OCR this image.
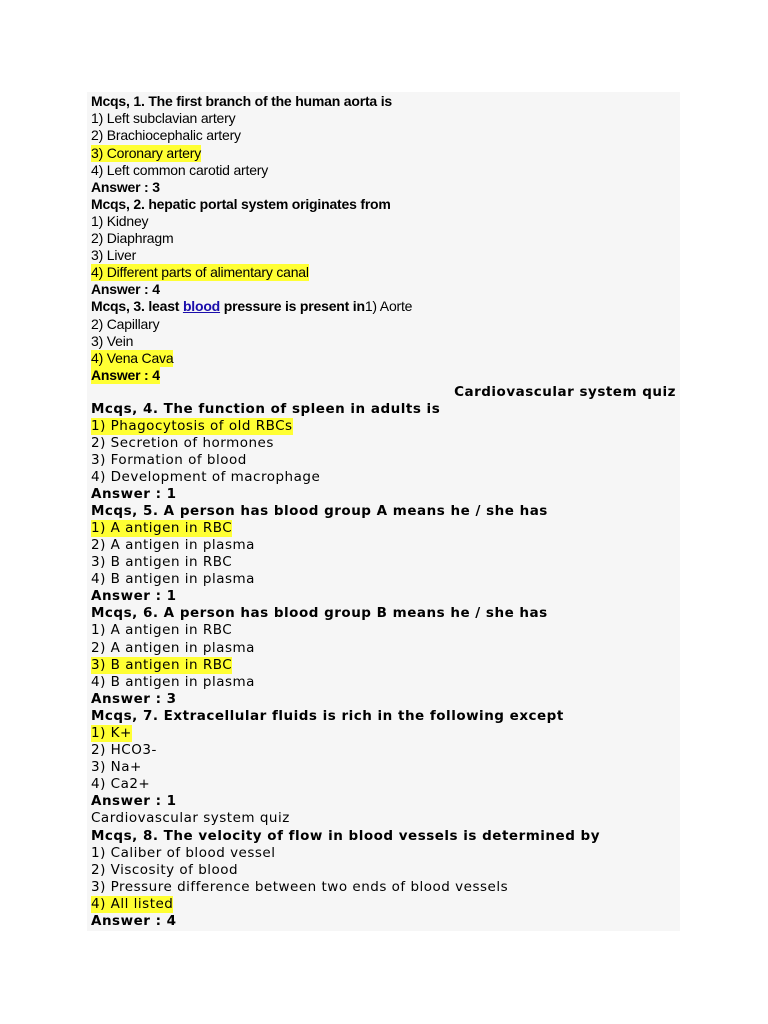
Mcqs, 1. The first branch of the human aorta is
1) Left subclavian artery
2) Brachiocephalic artery
3) Coronary artery
4) Left common carotid artery
Answer : 3
Mcqs, 2. hepatic portal system originates from
1) Kidney
2) Diaphragm
3) Liver
4) Different parts of alimentary canal
Answer : 4
Mcqs, 3. least blood pressure is present in1) Aorte
2) Capillary
3) Vein
4) Vena Cava
Answer : 4
Cardiovascular system quiz
Mcqs, 4. The function of spleen in adults is
1) Phagocytosis of old RBCs
2) Secretion of hormones
3) Formation of blood
4) Development of macrophage
Answer : 1
Mcqs, 5. A person has blood group A means he / she has
1) A antigen in RBC
2) A antigen in plasma
3) B antigen in RBC
4) B antigen in plasma
Answer : 1
Mcqs, 6. A person has blood group B means he / she has
1) A antigen in RBC
2) A antigen in plasma
3) B antigen in RBC
4) B antigen in plasma
Answer : 3
Mcqs, 7. Extracellular fluids is rich in the following except
1) K+
2) HCO3-
3) Na+
4) Ca2+
Answer : 1
Cardiovascular system quiz
Mcqs, 8. The velocity of flow in blood vessels is determined by
1) Caliber of blood vessel
2) Viscosity of blood
3) Pressure difference between two ends of blood vessels
4) All listed
Answer : 4
